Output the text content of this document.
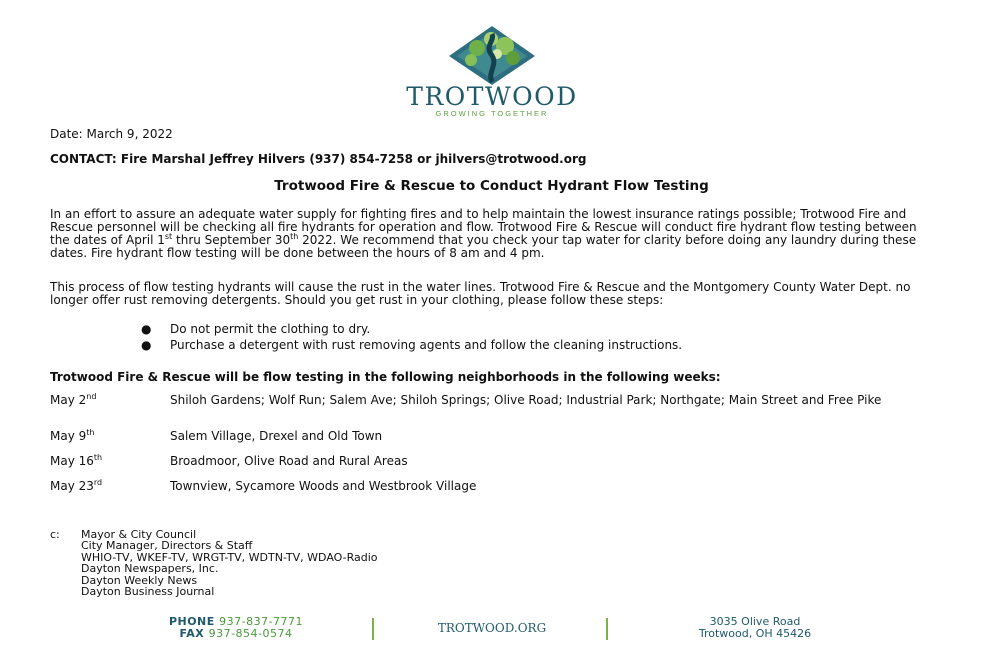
TROTWOOD
GROWING TOGETHER
Date: March 9, 2022
CONTACT: Fire Marshal Jeffrey Hilvers (937) 854-7258 or jhilvers@trotwood.org
Trotwood Fire & Rescue to Conduct Hydrant Flow Testing

In an effort to assure an adequate water supply for fighting fires and to help maintain the lowest insurance ratings possible; Trotwood Fire and Rescue personnel will be checking all fire hydrants for operation and flow. Trotwood Fire & Rescue will conduct fire hydrant flow testing between the dates of April 1st thru September 30th 2022. We recommend that you check your tap water for clarity before doing any laundry during these dates. Fire hydrant flow testing will be done between the hours of 8 am and 4 pm.

This process of flow testing hydrants will cause the rust in the water lines. Trotwood Fire & Rescue and the Montgomery County Water Dept. no longer offer rust removing detergents. Should you get rust in your clothing, please follow these steps:

● Do not permit the clothing to dry.
● Purchase a detergent with rust removing agents and follow the cleaning instructions.
Trotwood Fire & Rescue will be flow testing in the following neighborhoods in the following weeks:
May 2nd	Shiloh Gardens; Wolf Run; Salem Ave; Shiloh Springs; Olive Road; Industrial Park; Northgate; Main Street and Free Pike
May 9th	Salem Village, Drexel and Old Town
May 16th	Broadmoor, Olive Road and Rural Areas
May 23rd	Townview, Sycamore Woods and Westbrook Village
c: Mayor & City Council
City Manager, Directors & Staff
WHIO-TV, WKEF-TV, WRGT-TV, WDTN-TV, WDAO-Radio
Dayton Newspapers, Inc.
Dayton Weekly News
Dayton Business Journal
PHONE 937-837-7771
FAX 937-854-0574	TROTWOOD.ORG	3035 Olive Road
Trotwood, OH 45426
